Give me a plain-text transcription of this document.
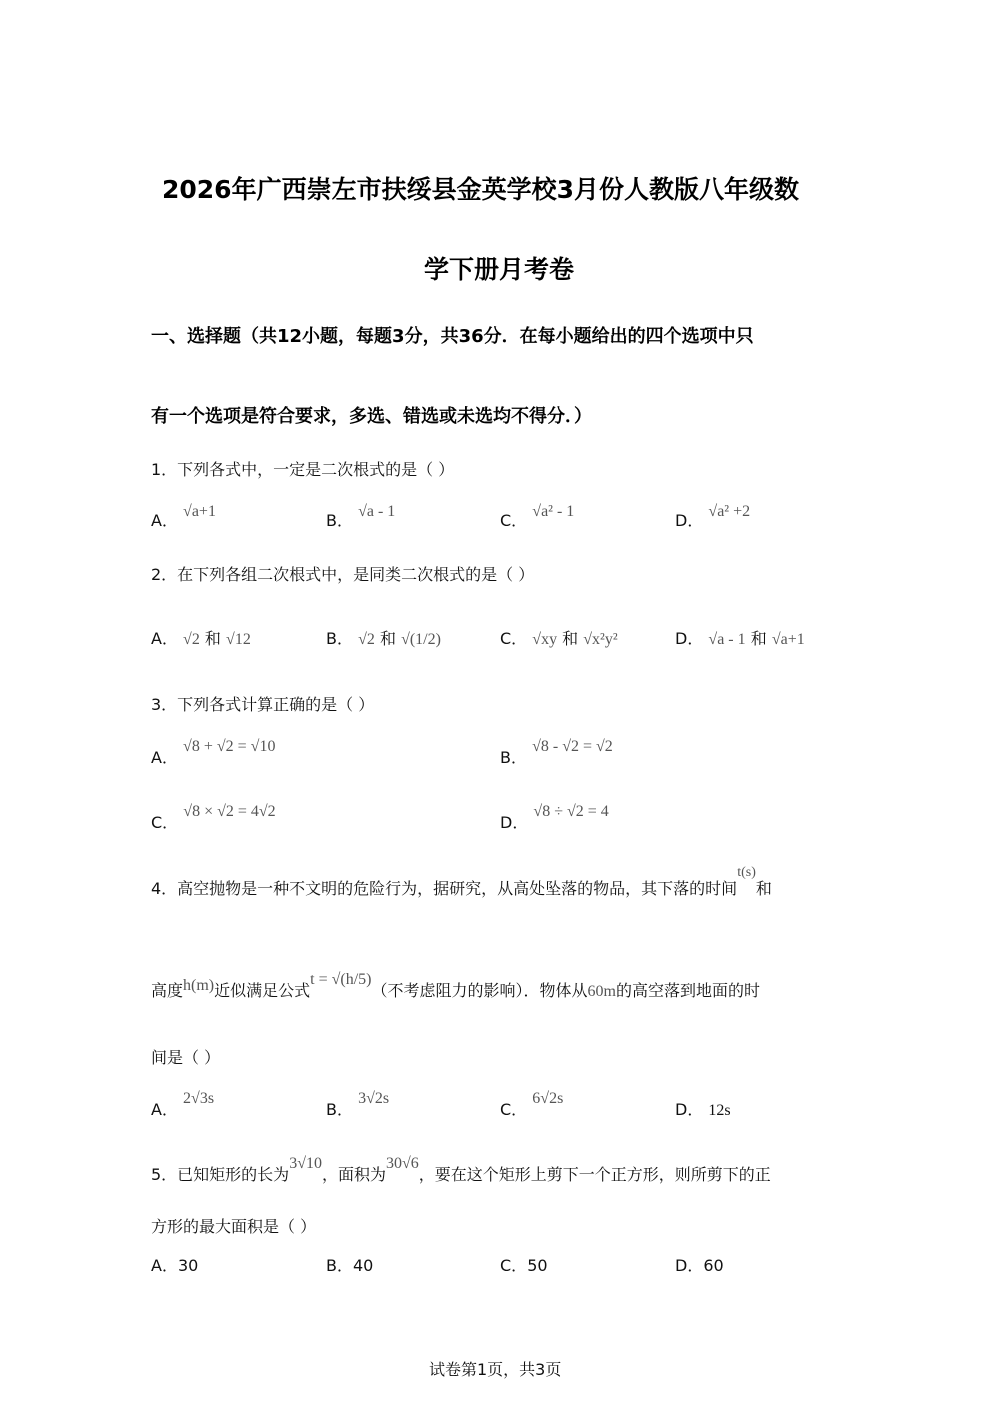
2026年广西崇左市扶绥县金英学校3月份人教版八年级数
学下册月考卷
一、选择题（共12小题，每题3分，共36分．在每小题给出的四个选项中只
有一个选项是符合要求，多选、错选或未选均不得分．）
1．下列各式中，一定是二次根式的是（ ）
A． √a+1	B． √a - 1	C． √a² - 1	D． √a² +2
2．在下列各组二次根式中，是同类二次根式的是（ ）
A． √2 和 √12	B． √2 和 √(1/2)	C． √xy 和 √x²y²	D． √a - 1 和 √a+1
3．下列各式计算正确的是（ ）
A． √8 + √2 = √10
B． √8 - √2 = √2
C． √8 × √2 = 4√2
D． √8 ÷ √2 = 4
4．高空抛物是一种不文明的危险行为，据研究，从高处坠落的物品，其下落的时间t(s)和
高度h(m)近似满足公式t = √(h/5)（不考虑阻力的影响）．物体从60m的高空落到地面的时
间是（ ）
A． 2√3s
B． 3√2s
C． 6√2s
D． 12s
5．已知矩形的长为3√10，面积为30√6，要在这个矩形上剪下一个正方形，则所剪下的正
方形的最大面积是（ ）
A．30	B．40	C．50	D．60
试卷第1页，共3页
